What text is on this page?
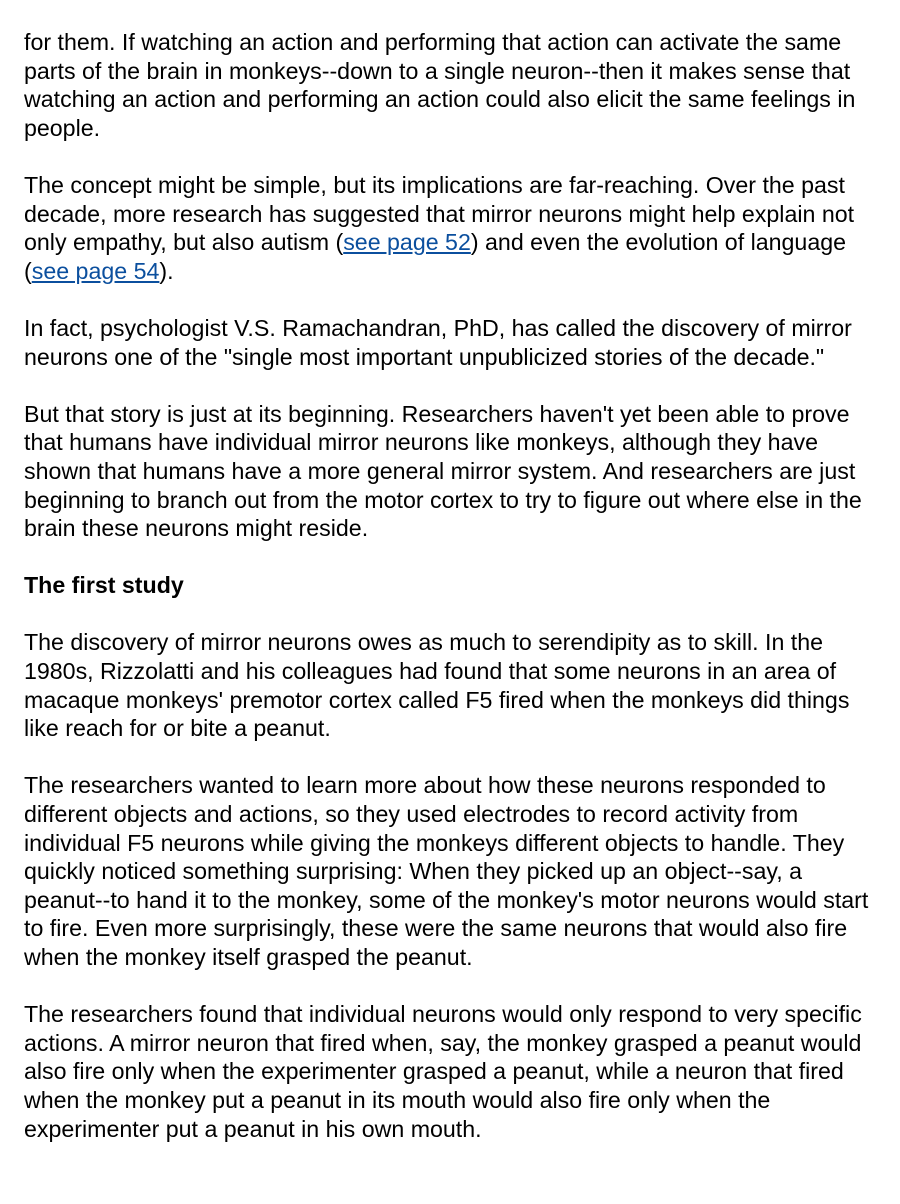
for them. If watching an action and performing that action can activate the same parts of the brain in monkeys--down to a single neuron--then it makes sense that watching an action and performing an action could also elicit the same feelings in people.

The concept might be simple, but its implications are far-reaching. Over the past decade, more research has suggested that mirror neurons might help explain not only empathy, but also autism (see page 52) and even the evolution of language (see page 54).

In fact, psychologist V.S. Ramachandran, PhD, has called the discovery of mirror neurons one of the "single most important unpublicized stories of the decade."

But that story is just at its beginning. Researchers haven't yet been able to prove that humans have individual mirror neurons like monkeys, although they have shown that humans have a more general mirror system. And researchers are just beginning to branch out from the motor cortex to try to figure out where else in the brain these neurons might reside.

The first study

The discovery of mirror neurons owes as much to serendipity as to skill. In the 1980s, Rizzolatti and his colleagues had found that some neurons in an area of macaque monkeys' premotor cortex called F5 fired when the monkeys did things like reach for or bite a peanut.

The researchers wanted to learn more about how these neurons responded to different objects and actions, so they used electrodes to record activity from individual F5 neurons while giving the monkeys different objects to handle. They quickly noticed something surprising: When they picked up an object--say, a peanut--to hand it to the monkey, some of the monkey's motor neurons would start to fire. Even more surprisingly, these were the same neurons that would also fire when the monkey itself grasped the peanut.

The researchers found that individual neurons would only respond to very specific actions. A mirror neuron that fired when, say, the monkey grasped a peanut would also fire only when the experimenter grasped a peanut, while a neuron that fired when the monkey put a peanut in its mouth would also fire only when the experimenter put a peanut in his own mouth.
